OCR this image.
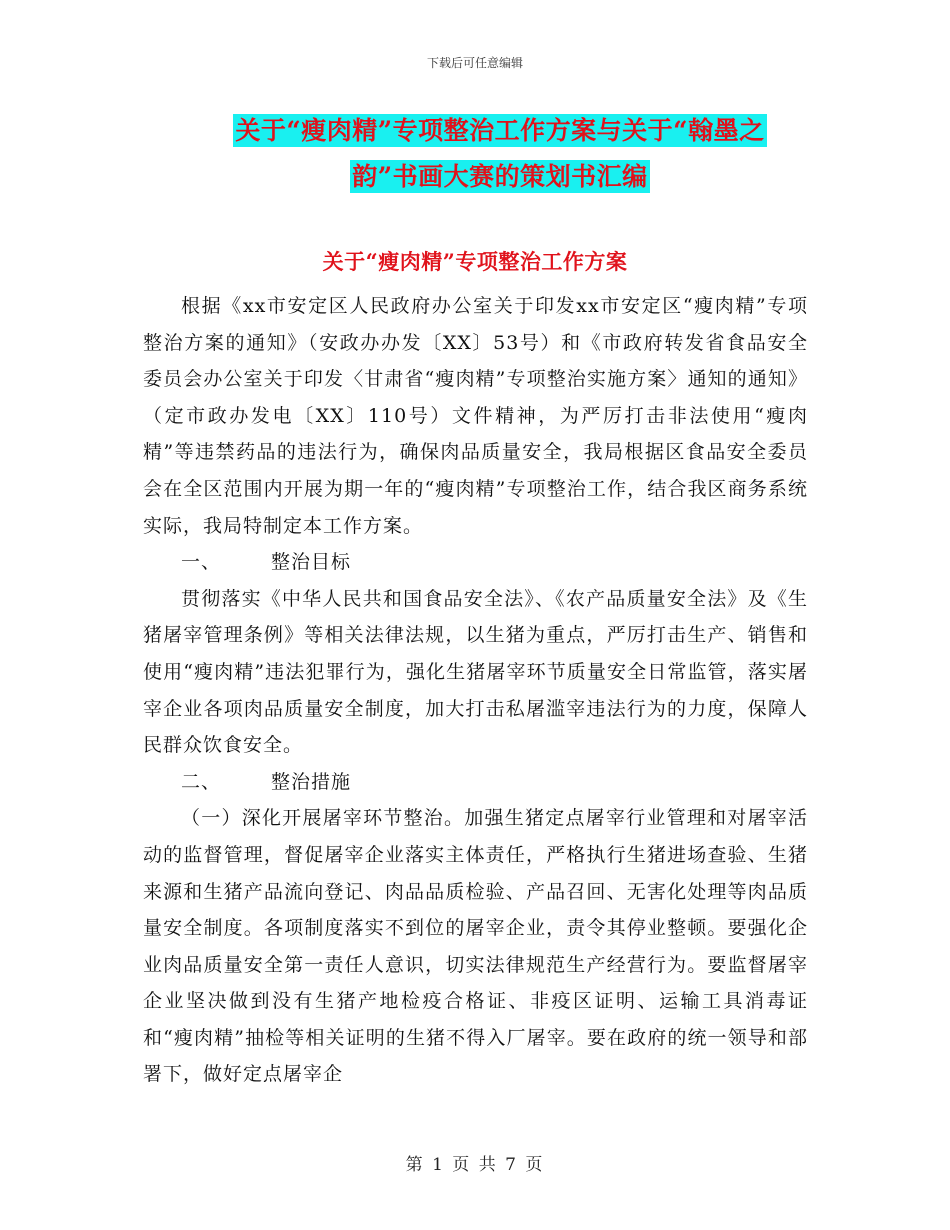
下载后可任意编辑
关于“瘦肉精”专项整治工作方案与关于“翰墨之
韵”书画大赛的策划书汇编
关于“瘦肉精”专项整治工作方案

根据《xx市安定区人民政府办公室关于印发xx市安定区“瘦肉精”专项整治方案的通知》（安政办办发〔XX〕53号）和《市政府转发省食品安全委员会办公室关于印发〈甘肃省“瘦肉精”专项整治实施方案〉通知的通知》（定市政办发电〔XX〕110号）文件精神，为严厉打击非法使用“瘦肉精”等违禁药品的违法行为，确保肉品质量安全，我局根据区食品安全委员会在全区范围内开展为期一年的“瘦肉精”专项整治工作，结合我区商务系统实际，我局特制定本工作方案。

一、	整治目标

贯彻落实《中华人民共和国食品安全法》、《农产品质量安全法》及《生猪屠宰管理条例》等相关法律法规，以生猪为重点，严厉打击生产、销售和使用“瘦肉精”违法犯罪行为，强化生猪屠宰环节质量安全日常监管，落实屠宰企业各项肉品质量安全制度，加大打击私屠滥宰违法行为的力度，保障人民群众饮食安全。

二、	整治措施

（一）深化开展屠宰环节整治。加强生猪定点屠宰行业管理和对屠宰活动的监督管理，督促屠宰企业落实主体责任，严格执行生猪进场查验、生猪来源和生猪产品流向登记、肉品品质检验、产品召回、无害化处理等肉品质量安全制度。各项制度落实不到位的屠宰企业，责令其停业整顿。要强化企业肉品质量安全第一责任人意识，切实法律规范生产经营行为。要监督屠宰企业坚决做到没有生猪产地检疫合格证、非疫区证明、运输工具消毒证和“瘦肉精”抽检等相关证明的生猪不得入厂屠宰。要在政府的统一领导和部署下，做好定点屠宰企

第 1 页 共 7 页
